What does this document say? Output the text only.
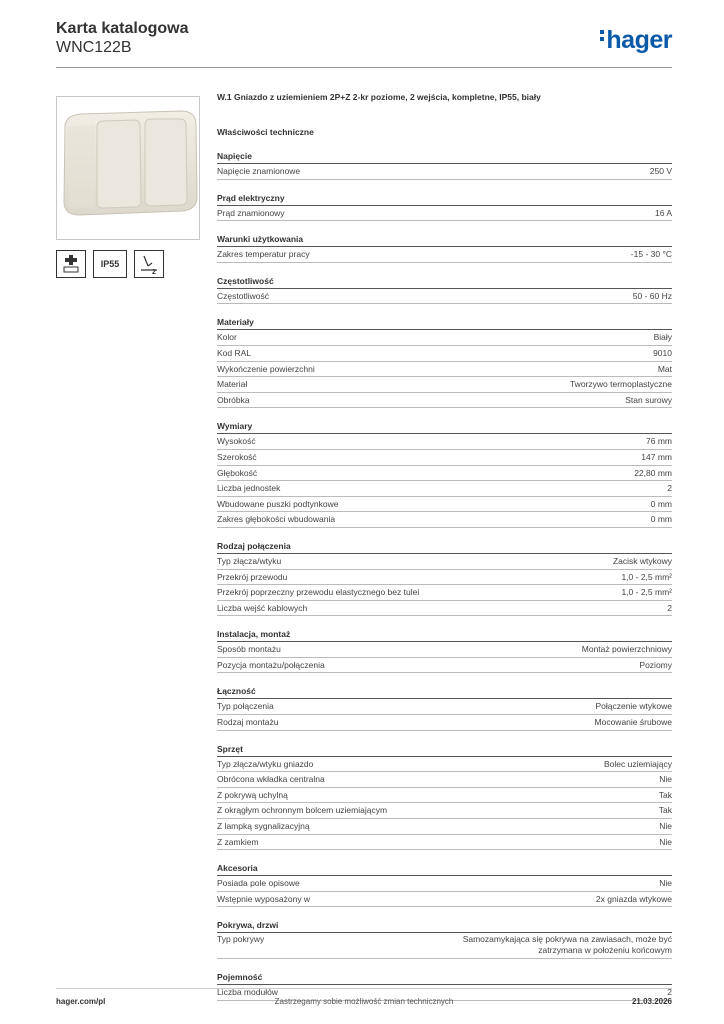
Karta katalogowa
WNC122B	hager
IP55
2
W.1 Gniazdo z uziemieniem 2P+Z 2-kr poziome, 2 wejścia, kompletne, IP55, biały
Właściwości techniczne
Napięcie
Napięcie znamionowe	250 V
Prąd elektryczny
Prąd znamionowy	16 A
Warunki użytkowania
Zakres temperatur pracy	-15 - 30 °C
Częstotliwość
Częstotliwość	50 - 60 Hz
Materiały
Kolor	Biały
Kod RAL	9010
Wykończenie powierzchni	Mat
Materiał	Tworzywo termoplastyczne
Obróbka	Stan surowy
Wymiary
Wysokość	76 mm
Szerokość	147 mm
Głębokość	22,80 mm
Liczba jednostek	2
Wbudowane puszki podtynkowe	0 mm
Zakres głębokości wbudowania	0 mm
Rodzaj połączenia
Typ złącza/wtyku	Zacisk wtykowy
Przekrój przewodu	1,0 - 2,5 mm²
Przekrój poprzeczny przewodu elastycznego bez tulei	1,0 - 2,5 mm²
Liczba wejść kablowych	2
Instalacja, montaż
Sposób montażu	Montaż powierzchniowy
Pozycja montażu/połączenia	Poziomy
Łączność
Typ połączenia	Połączenie wtykowe
Rodzaj montażu	Mocowanie śrubowe
Sprzęt
Typ złącza/wtyku gniazdo	Bolec uziemiający
Obrócona wkładka centralna	Nie
Z pokrywą uchylną	Tak
Z okrągłym ochronnym bolcem uziemiającym	Tak
Z lampką sygnalizacyjną	Nie
Z zamkiem	Nie
Akcesoria
Posiada pole opisowe	Nie
Wstępnie wyposażony w	2x gniazda wtykowe
Pokrywa, drzwi
Typ pokrywy	Samozamykająca się pokrywa na zawiasach, może być zatrzymana w położeniu końcowym
Pojemność
Liczba modułów	2
hager.com/pl	Zastrzegamy sobie możliwość zmian technicznych	21.03.2026
